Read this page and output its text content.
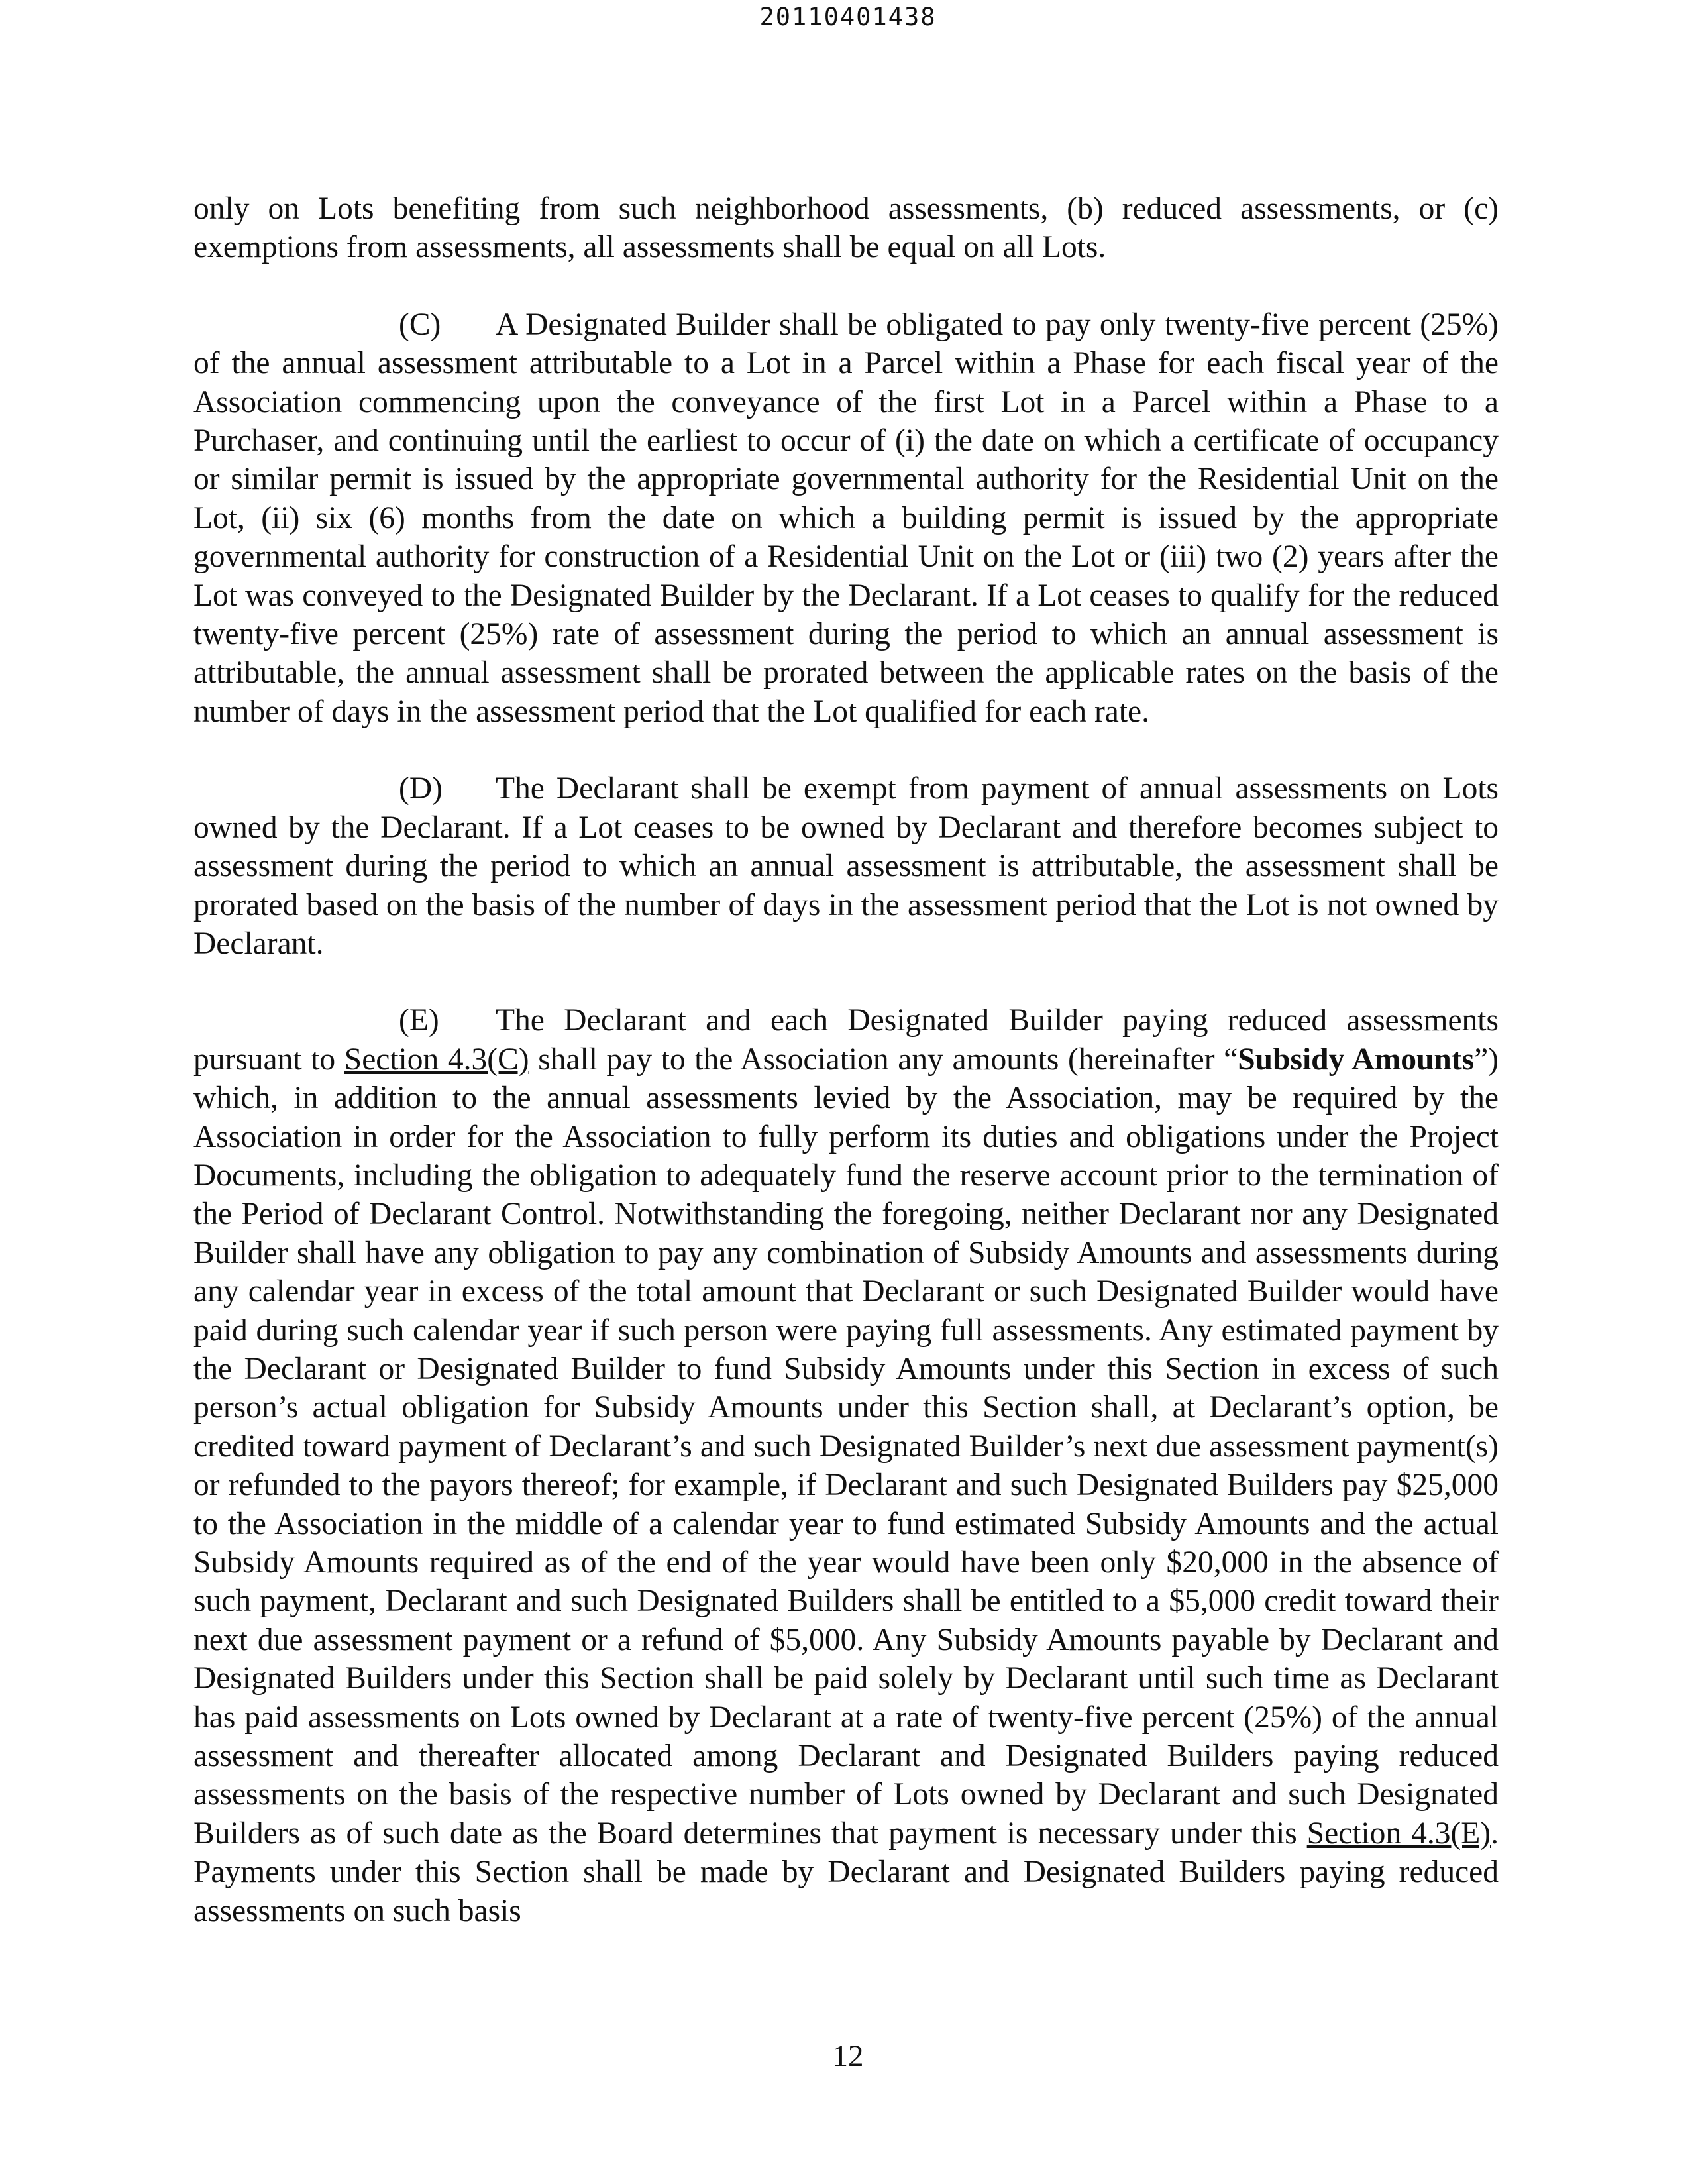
20110401438

only on Lots benefiting from such neighborhood assessments, (b) reduced assessments, or (c) exemptions from assessments, all assessments shall be equal on all Lots.

(C) A Designated Builder shall be obligated to pay only twenty-five percent (25%) of the annual assessment attributable to a Lot in a Parcel within a Phase for each fiscal year of the Association commencing upon the conveyance of the first Lot in a Parcel within a Phase to a Purchaser, and continuing until the earliest to occur of (i) the date on which a certificate of occupancy or similar permit is issued by the appropriate governmental authority for the Residential Unit on the Lot, (ii) six (6) months from the date on which a building permit is issued by the appropriate governmental authority for construction of a Residential Unit on the Lot or (iii) two (2) years after the Lot was conveyed to the Designated Builder by the Declarant. If a Lot ceases to qualify for the reduced twenty-five percent (25%) rate of assessment during the period to which an annual assessment is attributable, the annual assessment shall be prorated between the applicable rates on the basis of the number of days in the assessment period that the Lot qualified for each rate.

(D) The Declarant shall be exempt from payment of annual assessments on Lots owned by the Declarant. If a Lot ceases to be owned by Declarant and therefore becomes subject to assessment during the period to which an annual assessment is attributable, the assessment shall be prorated based on the basis of the number of days in the assessment period that the Lot is not owned by Declarant.

(E) The Declarant and each Designated Builder paying reduced assessments pursuant to Section 4.3(C) shall pay to the Association any amounts (hereinafter “Subsidy Amounts”) which, in addition to the annual assessments levied by the Association, may be required by the Association in order for the Association to fully perform its duties and obligations under the Project Documents, including the obligation to adequately fund the reserve account prior to the termination of the Period of Declarant Control. Notwithstanding the foregoing, neither Declarant nor any Designated Builder shall have any obligation to pay any combination of Subsidy Amounts and assessments during any calendar year in excess of the total amount that Declarant or such Designated Builder would have paid during such calendar year if such person were paying full assessments. Any estimated payment by the Declarant or Designated Builder to fund Subsidy Amounts under this Section in excess of such person’s actual obligation for Subsidy Amounts under this Section shall, at Declarant’s option, be credited toward payment of Declarant’s and such Designated Builder’s next due assessment payment(s) or refunded to the payors thereof; for example, if Declarant and such Designated Builders pay $25,000 to the Association in the middle of a calendar year to fund estimated Subsidy Amounts and the actual Subsidy Amounts required as of the end of the year would have been only $20,000 in the absence of such payment, Declarant and such Designated Builders shall be entitled to a $5,000 credit toward their next due assessment payment or a refund of $5,000. Any Subsidy Amounts payable by Declarant and Designated Builders under this Section shall be paid solely by Declarant until such time as Declarant has paid assessments on Lots owned by Declarant at a rate of twenty-five percent (25%) of the annual assessment and thereafter allocated among Declarant and Designated Builders paying reduced assessments on the basis of the respective number of Lots owned by Declarant and such Designated Builders as of such date as the Board determines that payment is necessary under this Section 4.3(E). Payments under this Section shall be made by Declarant and Designated Builders paying reduced assessments on such basis

12
